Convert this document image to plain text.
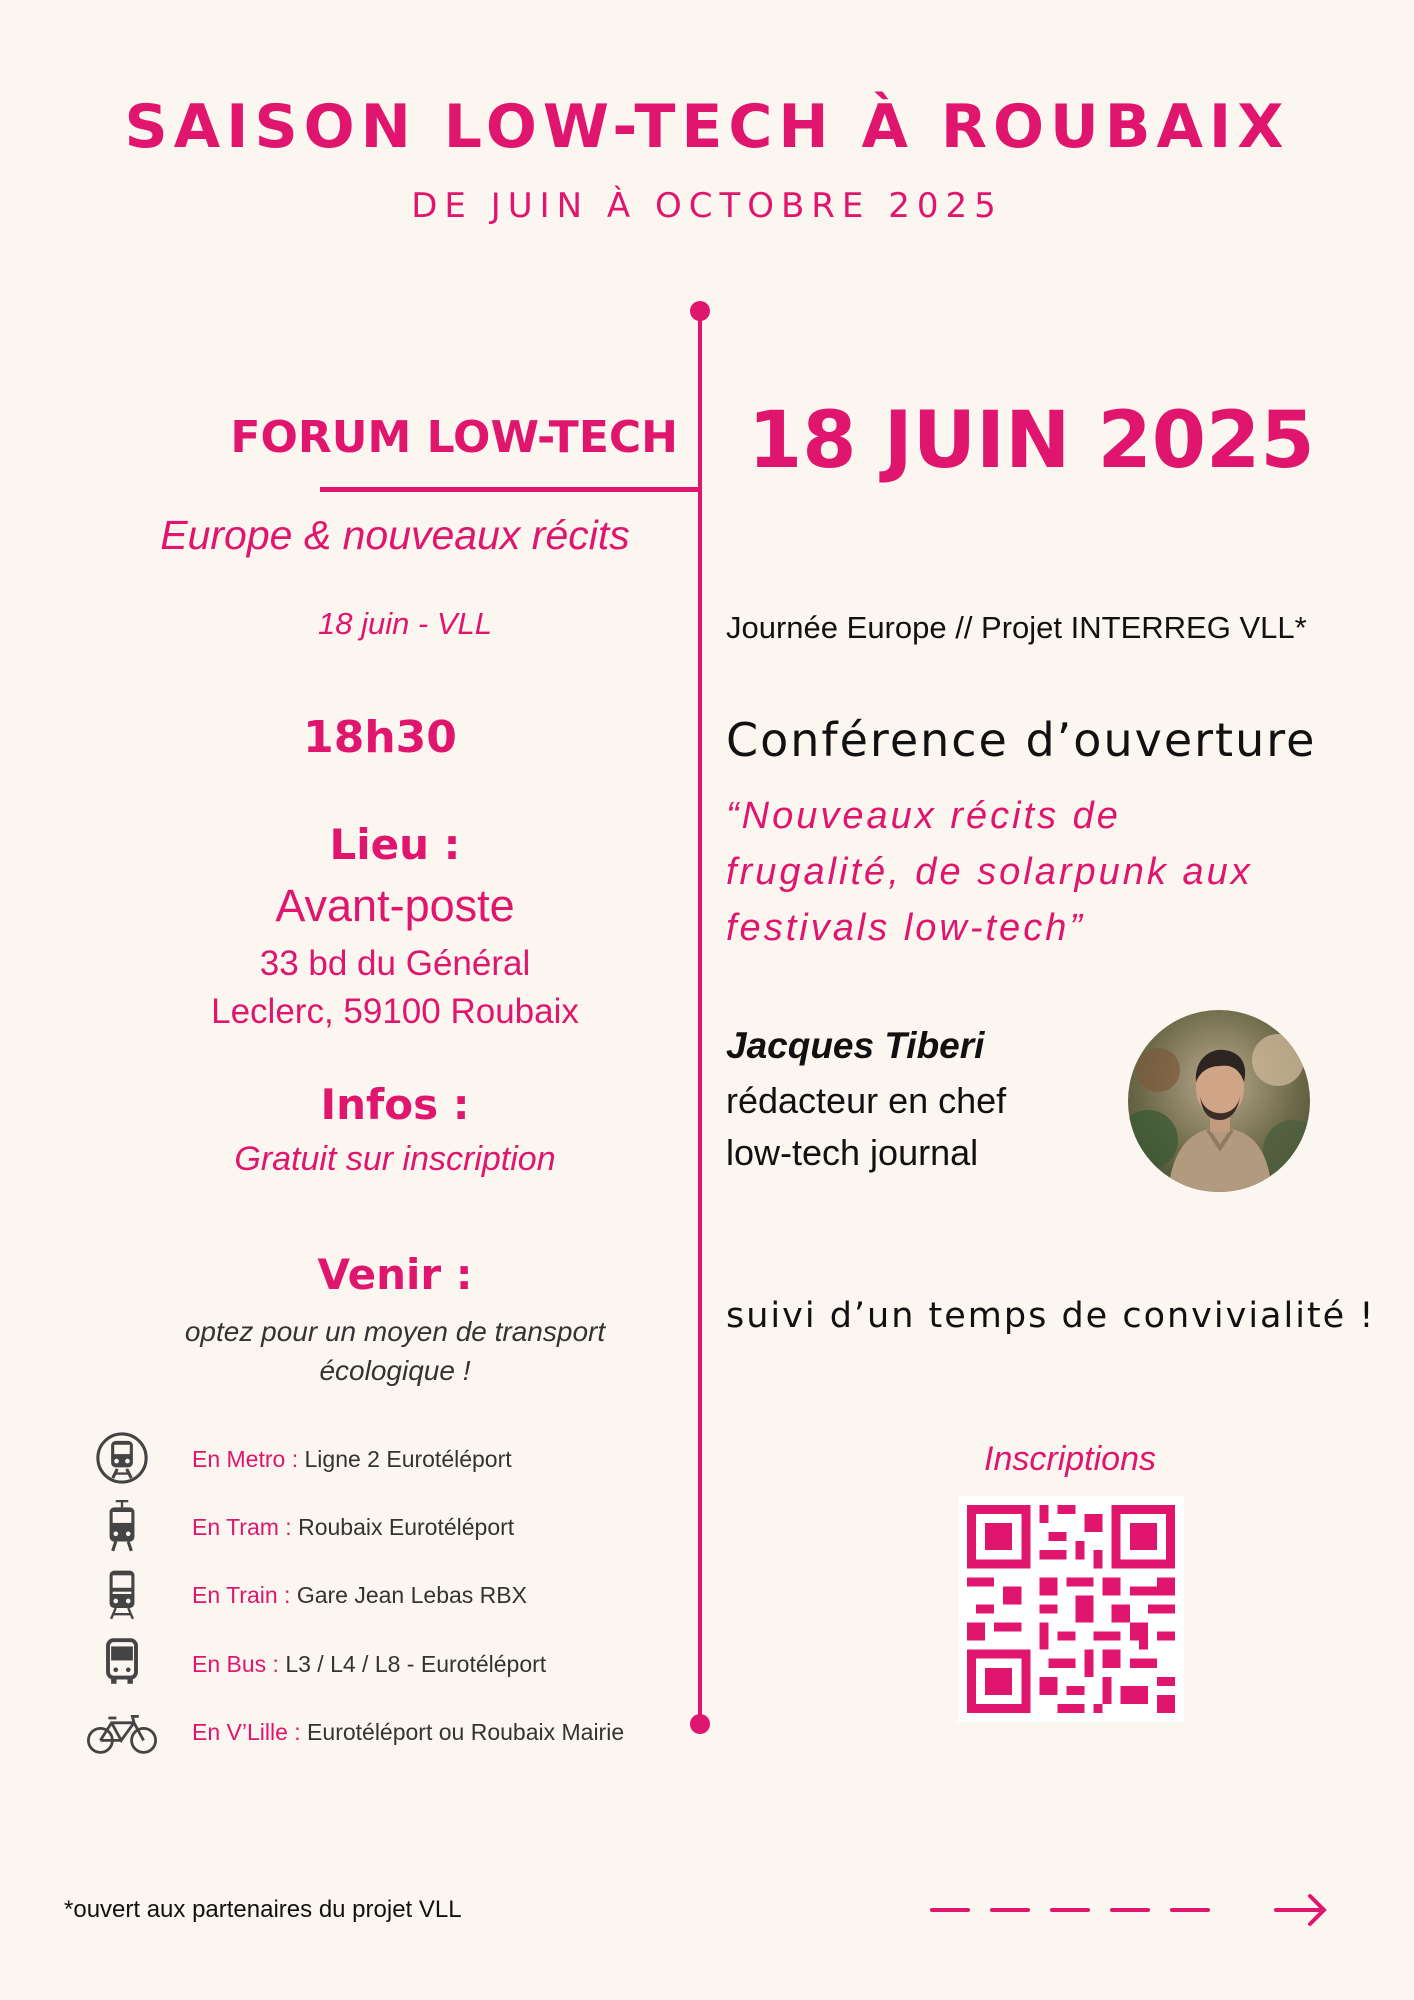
SAISON LOW-TECH À ROUBAIX
DE JUIN À OCTOBRE 2025
FORUM LOW-TECH 18 JUIN 2025
Europe & nouveaux récits
18 juin - VLL
18h30
Lieu :
Avant-poste
33 bd du Général
Leclerc, 59100 Roubaix
Infos :
Gratuit sur inscription
Venir :
optez pour un moyen de transport
écologique !
En Metro : Ligne 2 Eurotéléport
En Tram : Roubaix Eurotéléport
En Train : Gare Jean Lebas RBX
En Bus : L3 / L4 / L8 - Eurotéléport
En V’Lille : Eurotéléport ou Roubaix Mairie
Journée Europe // Projet INTERREG VLL*
Conférence d’ouverture
“Nouveaux récits de
frugalité, de solarpunk aux
festivals low-tech”
Jacques Tiberi
rédacteur en chef
low-tech journal
suivi d’un temps de convivialité !
Inscriptions
*ouvert aux partenaires du projet VLL
